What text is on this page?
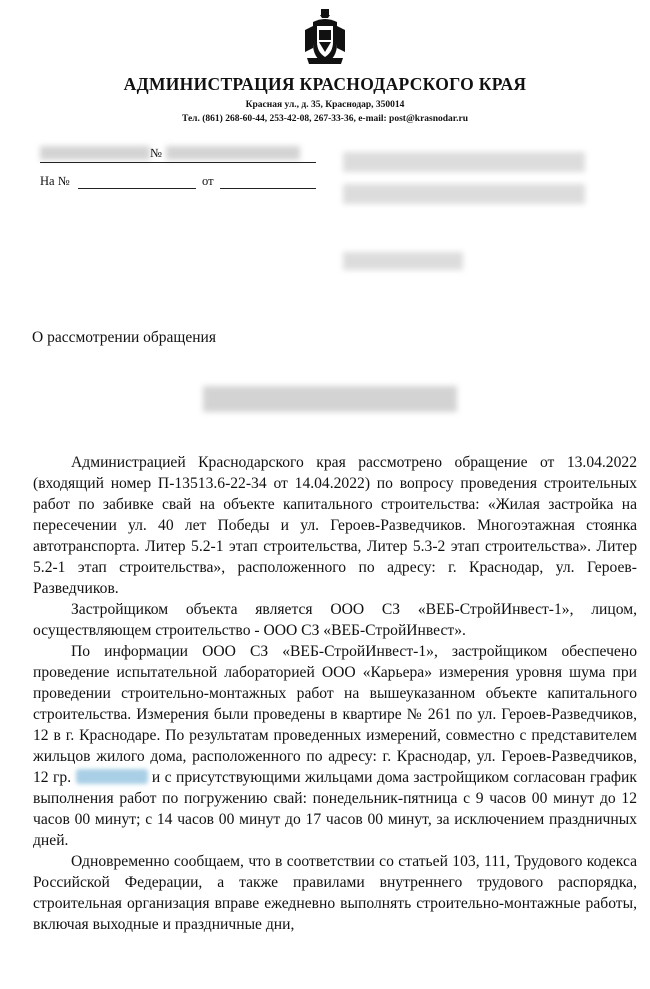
АДМИНИСТРАЦИЯ КРАСНОДАРСКОГО КРАЯ
Красная ул., д. 35, Краснодар, 350014
Тел. (861) 268-60-44, 253-42-08, 267-33-36, e-mail: post@krasnodar.ru
№
На №	от
О рассмотрении обращения

Администрацией Краснодарского края рассмотрено обращение от 13.04.2022 (входящий номер П-13513.6-22-34 от 14.04.2022) по вопросу проведения строительных работ по забивке свай на объекте капитального строительства: «Жилая застройка на пересечении ул. 40 лет Победы и ул. Героев-Разведчиков. Многоэтажная стоянка автотранспорта. Литер 5.2-1 этап строительства, Литер 5.3-2 этап строительства». Литер 5.2-1 этап строительства», расположенного по адресу: г. Краснодар, ул. Героев-Разведчиков.

Застройщиком объекта является ООО СЗ «ВЕБ-СтройИнвест-1», лицом, осуществляющем строительство - ООО СЗ «ВЕБ-СтройИнвест».

По информации ООО СЗ «ВЕБ-СтройИнвест-1», застройщиком обеспечено проведение испытательной лабораторией ООО «Карьера» измерения уровня шума при проведении строительно-монтажных работ на вышеуказанном объекте капитального строительства. Измерения были проведены в квартире № 261 по ул. Героев-Разведчиков, 12 в г. Краснодаре. По результатам проведенных измерений, совместно с представителем жильцов жилого дома, расположенного по адресу: г. Краснодар, ул. Героев-Разведчиков, 12 гр.	и с присутствующими жильцами дома застройщиком согласован график выполнения работ по погружению свай: понедельник-пятница с 9 часов 00 минут до 12 часов 00 минут; с 14 часов 00 минут до 17 часов 00 минут, за исключением праздничных дней.

Одновременно сообщаем, что в соответствии со статьей 103, 111, Трудового кодекса Российской Федерации, а также правилами внутреннего трудового распорядка, строительная организация вправе ежедневно выполнять строительно-монтажные работы, включая выходные и праздничные дни,
